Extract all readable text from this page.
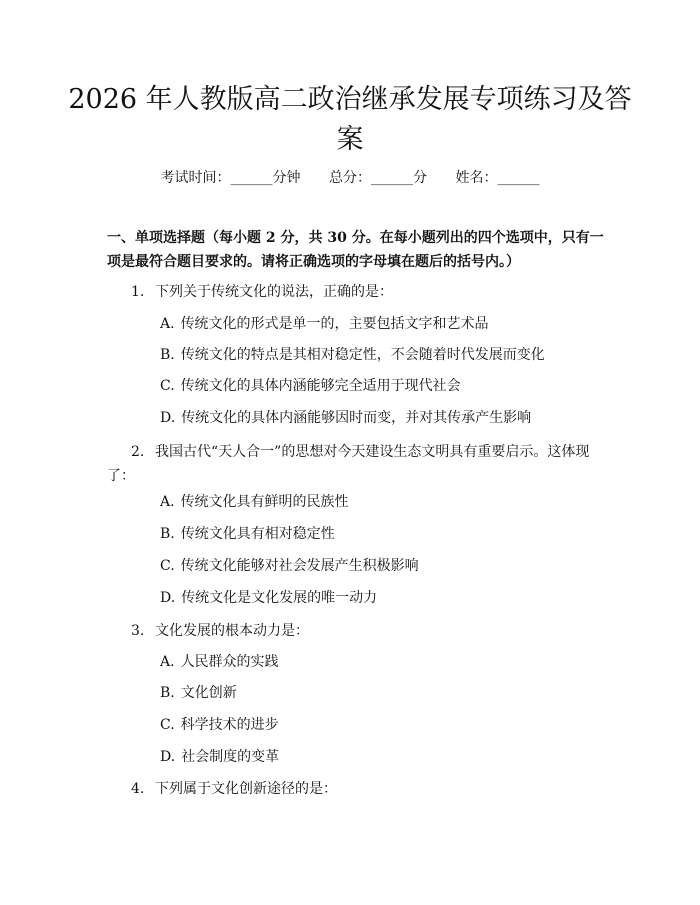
2026 年人教版高二政治继承发展专项练习及答案
考试时间：______分钟 总分：______分 姓名：______

一、单项选择题（每小题 2 分，共 30 分。在每小题列出的四个选项中，只有一项是最符合题目要求的。请将正确选项的字母填在题后的括号内。）

1. 下列关于传统文化的说法，正确的是：
A. 传统文化的形式是单一的，主要包括文字和艺术品
B. 传统文化的特点是其相对稳定性，不会随着时代发展而变化
C. 传统文化的具体内涵能够完全适用于现代社会
D. 传统文化的具体内涵能够因时而变，并对其传承产生影响
2. 我国古代“天人合一”的思想对今天建设生态文明具有重要启示。这体现了：
A. 传统文化具有鲜明的民族性
B. 传统文化具有相对稳定性
C. 传统文化能够对社会发展产生积极影响
D. 传统文化是文化发展的唯一动力
3. 文化发展的根本动力是：
A. 人民群众的实践
B. 文化创新
C. 科学技术的进步
D. 社会制度的变革
4. 下列属于文化创新途径的是：
